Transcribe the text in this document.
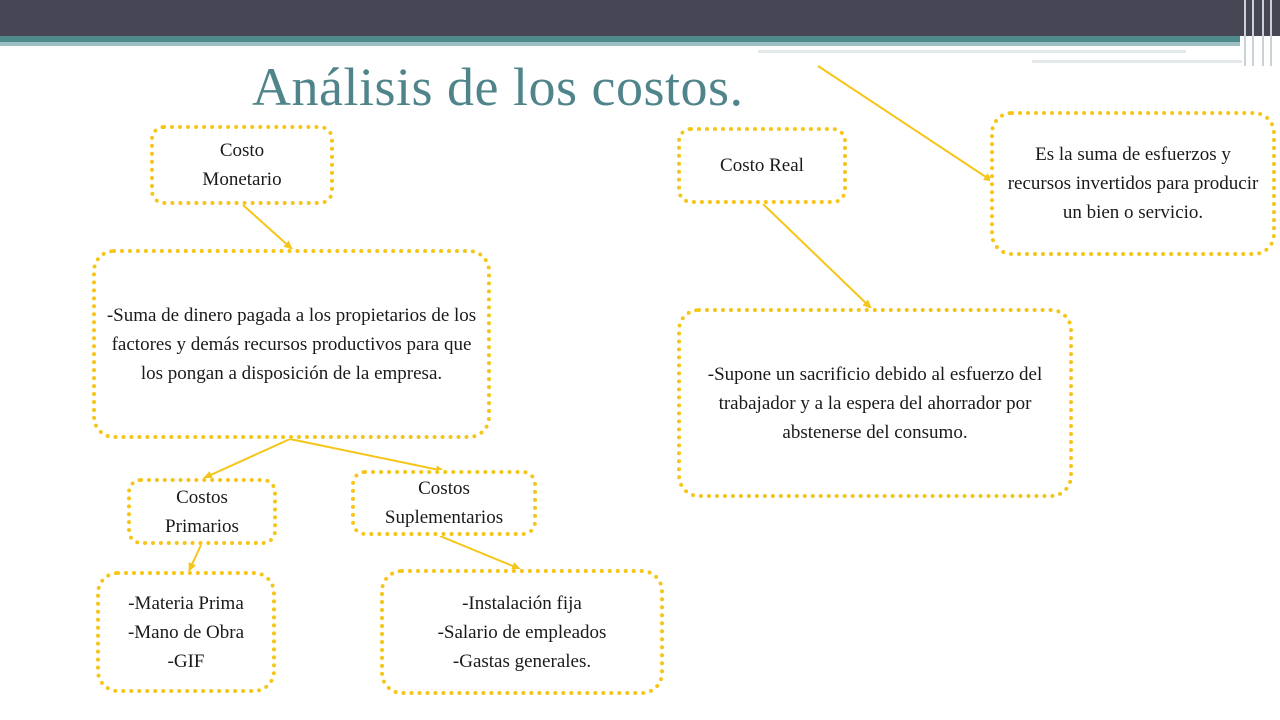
Análisis de los costos.
Costo Monetario
-Suma de dinero pagada a los propietarios de los factores y demás recursos productivos para que los pongan a disposición de la empresa.
Costos Primarios
Costos Suplementarios
-Materia Prima
-Mano de Obra
-GIF
-Instalación fija
-Salario de empleados
-Gastas generales.
Costo Real
-Supone un sacrificio debido al esfuerzo del trabajador y a la espera del ahorrador por abstenerse del consumo.
Es la suma de esfuerzos y recursos invertidos para producir un bien o servicio.
